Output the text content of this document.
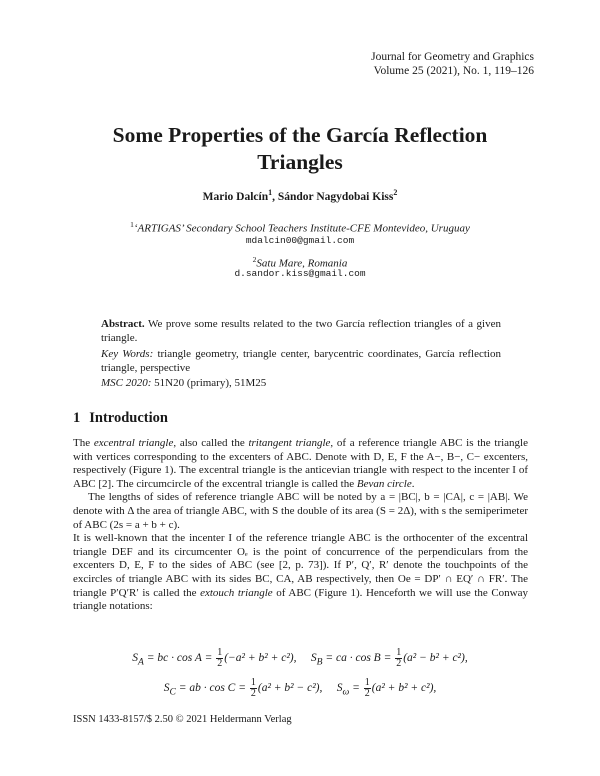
Journal for Geometry and Graphics
Volume 25 (2021), No. 1, 119–126
Some Properties of the García Reflection
Triangles
Mario Dalcín$^1$, Sándor Nagydobai Kiss$^2$
$^1$‘ARTIGAS’ Secondary School Teachers Institute-CFE Montevideo, Uruguay
mdalcin00@gmail.com
$^2$Satu Mare, Romania
d.sandor.kiss@gmail.com
Abstract. We prove some results related to the two García reflection triangles of a given triangle.
Key Words: triangle geometry, triangle center, barycentric coordinates, García reflection triangle, perspective
MSC 2020: 51N20 (primary), 51M25
1 Introduction

The excentral triangle, also called the tritangent triangle, of a reference triangle ABC is the triangle with vertices corresponding to the excenters of ABC. Denote with D, E, F the A−, B−, C− excenters, respectively (Figure 1). The excentral triangle is the anticevian triangle with respect to the incenter I of ABC [2]. The circumcircle of the excentral triangle is called the Bevan circle.

The lengths of sides of reference triangle ABC will be noted by a = |BC|, b = |CA|, c = |AB|. We denote with Δ the area of triangle ABC, with S the double of its area (S = 2Δ), with s the semiperimeter of ABC (2s = a + b + c).

It is well-known that the incenter I of the reference triangle ABC is the orthocenter of the excentral triangle DEF and its circumcenter Oₑ is the point of concurrence of the perpendiculars from the excenters D, E, F to the sides of ABC (see [2, p. 73]). If P′, Q′, R′ denote the touchpoints of the excircles of triangle ABC with its sides BC, CA, AB respectively, then Oe = DP′ ∩ EQ′ ∩ FR′. The triangle P′Q′R′ is called the extouch triangle of ABC (Figure 1). Henceforth we will use the Conway triangle notations:

$S_A$ = bc · $\cos A = \frac{1}{2} (-a^2 + b^2 + c^2)$, $S_B$ = ca · $\cos B = \frac{1}{2} (a^2 - b^2 + c^2)$,
$S_C$ = ab · $\cos C = \frac{1}{2} (a^2 + b^2 - c^2)$, $S_\omega = \frac{1}{2} (a^2 + b^2 + c^2)$,
ISSN 1433-8157/$ 2.50 © 2021 Heldermann Verlag
